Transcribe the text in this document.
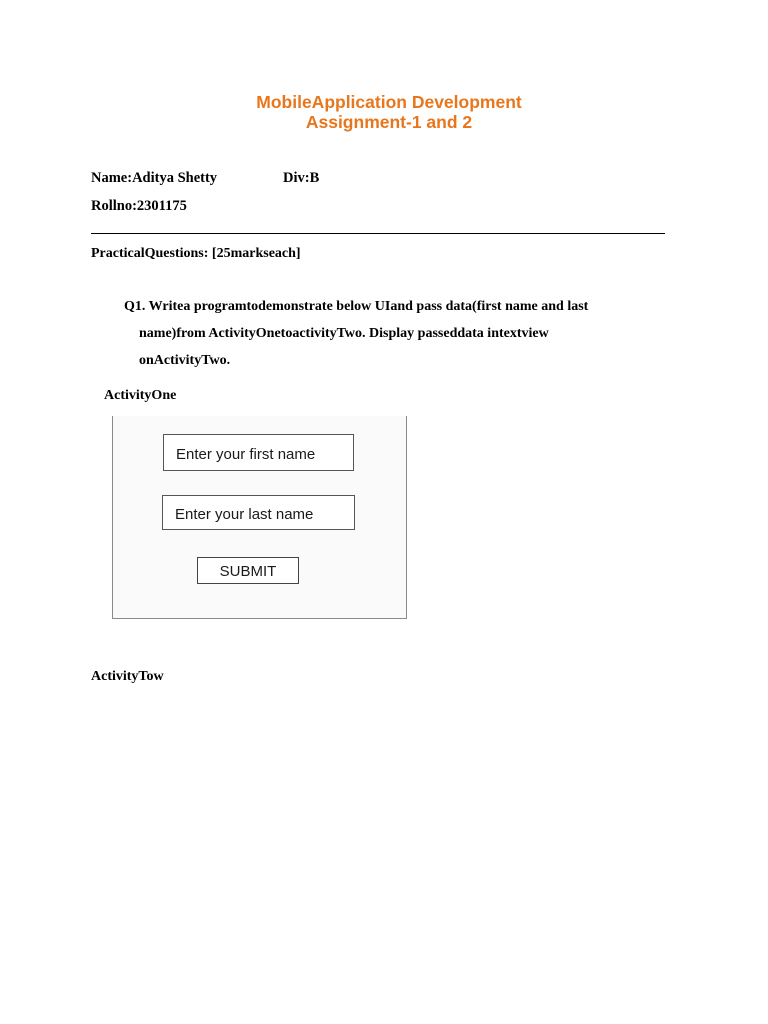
MobileApplication Development
Assignment-1 and 2
Name:Aditya Shetty	Div:B
Rollno:2301175
PracticalQuestions: [25markseach]
Q1. Writea programtodemonstrate below UIand pass data(first name and last
name)from ActivityOnetoactivityTwo. Display passeddata intextview
onActivityTwo.
ActivityOne
Enter your first name
Enter your last name
SUBMIT
ActivityTow
